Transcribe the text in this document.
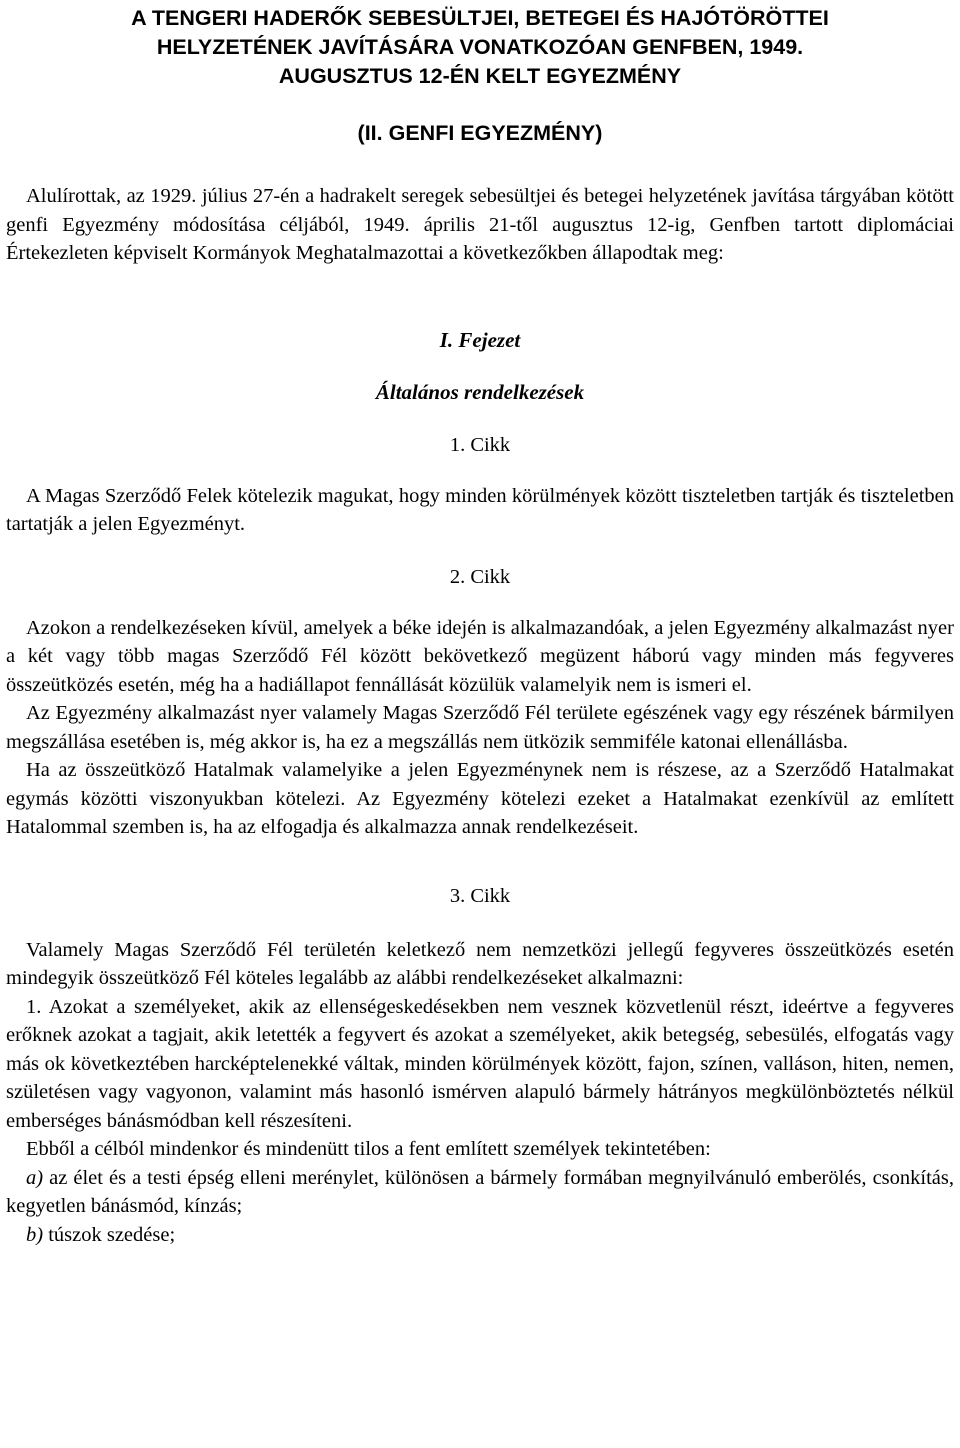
A TENGERI HADERŐK SEBESÜLTJEI, BETEGEI ÉS HAJÓTÖRÖTTEI
HELYZETÉNEK JAVÍTÁSÁRA VONATKOZÓAN GENFBEN, 1949.
AUGUSZTUS 12-ÉN KELT EGYEZMÉNY
(II. GENFI EGYEZMÉNY)

Alulírottak, az 1929. július 27-én a hadrakelt seregek sebesültjei és betegei helyzetének javítása tárgyában kötött genfi Egyezmény módosítása céljából, 1949. április 21-től augusztus 12-ig, Genfben tartott diplomáciai Értekezleten képviselt Kormányok Meghatalmazottai a következőkben állapodtak meg:

I. Fejezet
Általános rendelkezések
1. Cikk

A Magas Szerződő Felek kötelezik magukat, hogy minden körülmények között tiszteletben tartják és tiszteletben tartatják a jelen Egyezményt.

2. Cikk

Azokon a rendelkezéseken kívül, amelyek a béke idején is alkalmazandóak, a jelen Egyezmény alkalmazást nyer a két vagy több magas Szerződő Fél között bekövetkező megüzent háború vagy minden más fegyveres összeütközés esetén, még ha a hadiállapot fennállását közülük valamelyik nem is ismeri el.

Az Egyezmény alkalmazást nyer valamely Magas Szerződő Fél területe egészének vagy egy részének bármilyen megszállása esetében is, még akkor is, ha ez a megszállás nem ütközik semmiféle katonai ellenállásba.

Ha az összeütköző Hatalmak valamelyike a jelen Egyezménynek nem is részese, az a Szerződő Hatalmakat egymás közötti viszonyukban kötelezi. Az Egyezmény kötelezi ezeket a Hatalmakat ezenkívül az említett Hatalommal szemben is, ha az elfogadja és alkalmazza annak rendelkezéseit.

3. Cikk

Valamely Magas Szerződő Fél területén keletkező nem nemzetközi jellegű fegyveres összeütközés esetén mindegyik összeütköző Fél köteles legalább az alábbi rendelkezéseket alkalmazni:

1. Azokat a személyeket, akik az ellenségeskedésekben nem vesznek közvetlenül részt, ideértve a fegyveres erőknek azokat a tagjait, akik letették a fegyvert és azokat a személyeket, akik betegség, sebesülés, elfogatás vagy más ok következtében harcképtelenekké váltak, minden körülmények között, fajon, színen, valláson, hiten, nemen, születésen vagy vagyonon, valamint más hasonló ismérven alapuló bármely hátrányos megkülönböztetés nélkül emberséges bánásmódban kell részesíteni.

Ebből a célból mindenkor és mindenütt tilos a fent említett személyek tekintetében:

a) az élet és a testi épség elleni merénylet, különösen a bármely formában megnyilvánuló emberölés, csonkítás, kegyetlen bánásmód, kínzás;

b) túszok szedése;
